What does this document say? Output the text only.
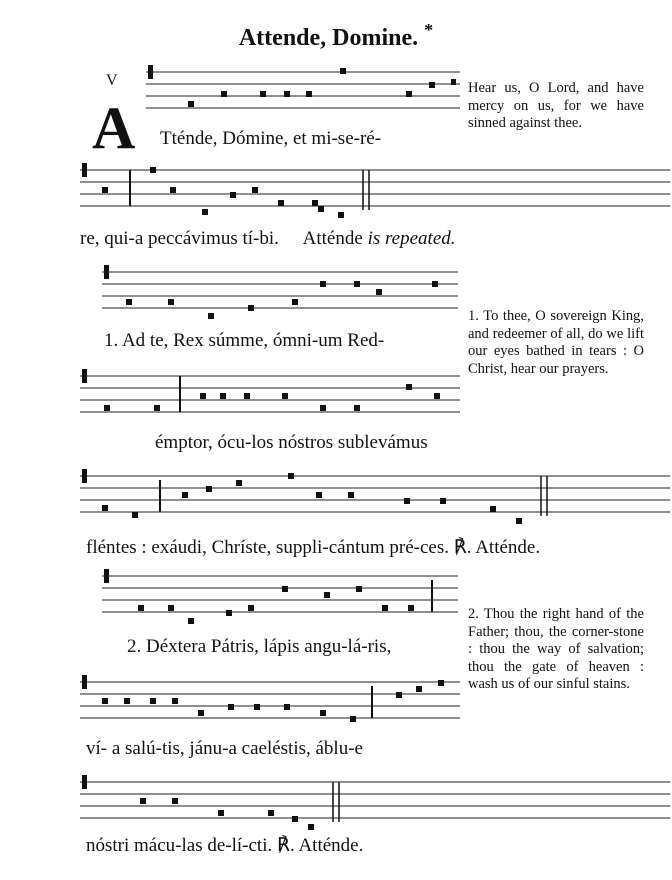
Attende, Domine. *
V
A Tténde, Dómine, et mi-se-ré-
re, qui-a peccávimus tí-bi. Atténde is repeated.
Hear us, O Lord, and have mercy on us, for we have sinned against thee.
1. Ad te, Rex súmme, ómni-um Red-
émptor, ócu-los nóstros sublevámus
1. To thee, O sovereign King, and redeemer of all, do we lift our eyes bathed in tears : O Christ, hear our prayers.
fléntes : exáudi, Chríste, suppli-cántum pré-ces. ℟. Atténde.
2. Déxtera Pátris, lápis angu-lá-ris,
2. Thou the right hand of the Father; thou, the corner-stone : thou the way of salvation; thou the gate of heaven : wash us of our sinful stains.
ví- a salú-tis, jánu-a caeléstis, áblu-e
nóstri mácu-las de-lí-cti. ℟. Atténde.
